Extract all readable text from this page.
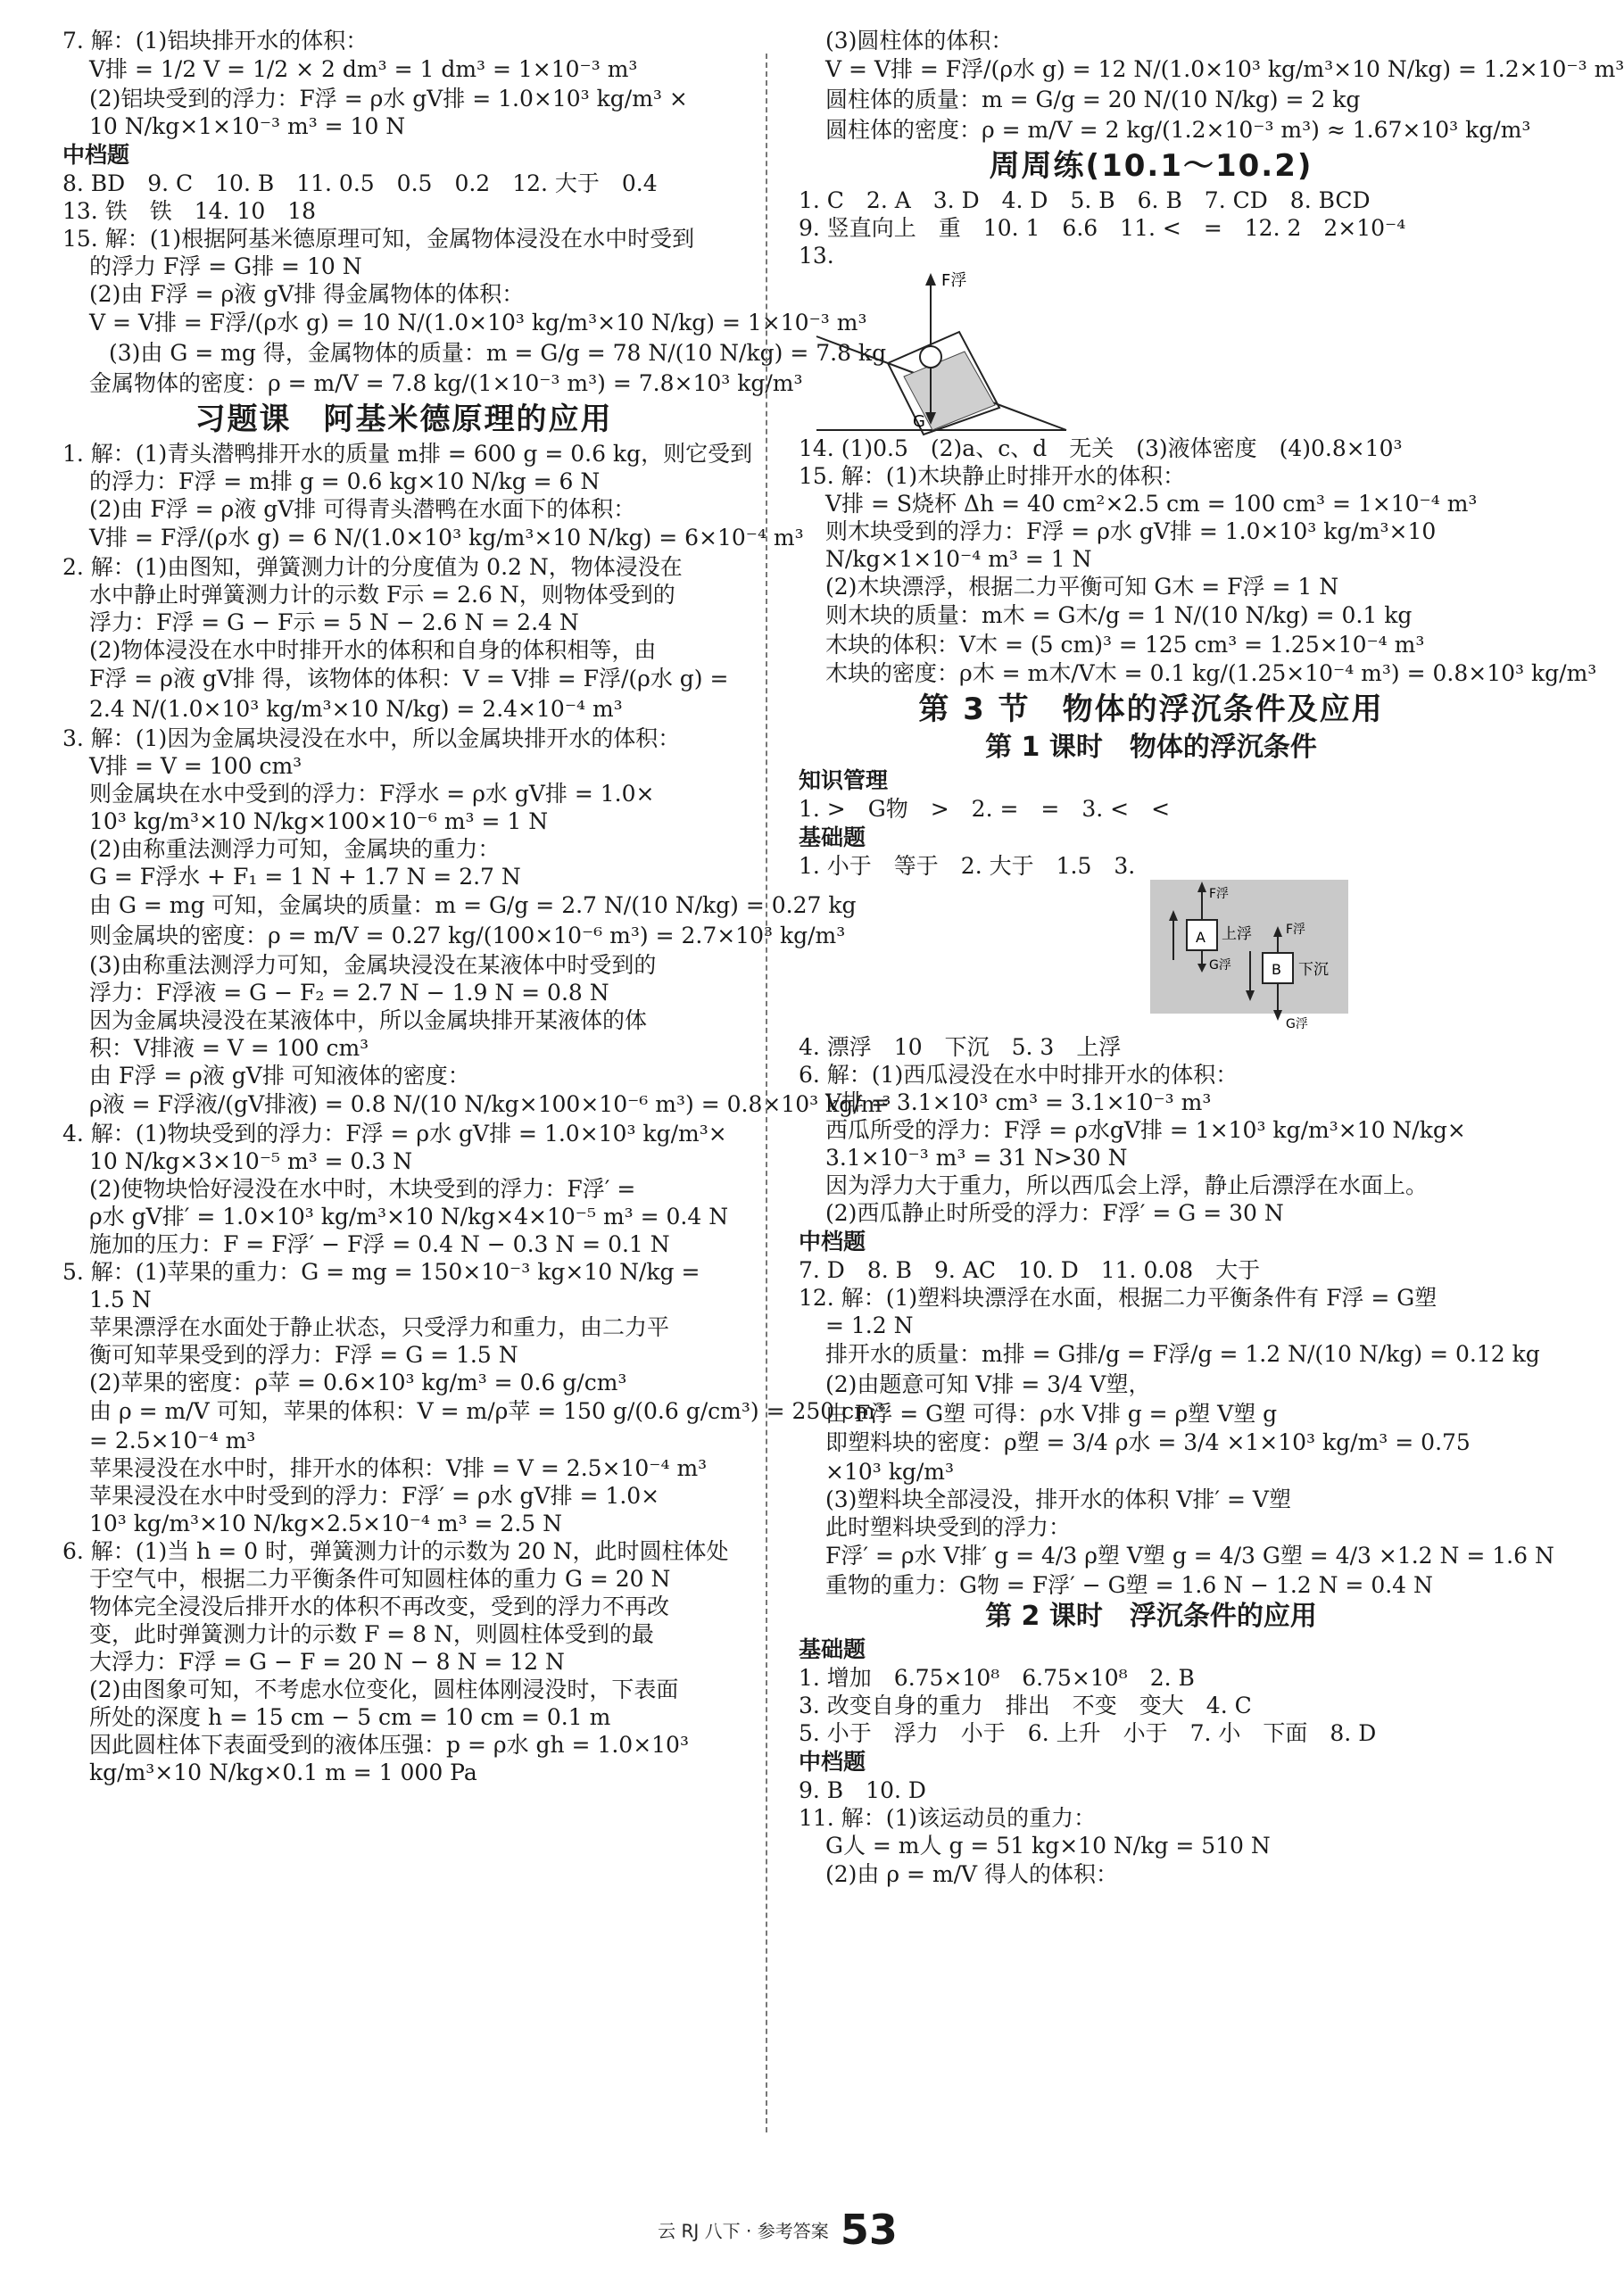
7. 解：(1)铝块排开水的体积：
V排 = 1/2 V = 1/2 × 2 dm³ = 1 dm³ = 1×10⁻³ m³
(2)铝块受到的浮力：F浮 = ρ水 gV排 = 1.0×10³ kg/m³ ×
10 N/kg×1×10⁻³ m³ = 10 N
中档题
8. BD　9. C　10. B　11. 0.5　0.5　0.2　12. 大于　0.4
13. 铁　铁　14. 10　18
15. 解：(1)根据阿基米德原理可知，金属物体浸没在水中时受到
的浮力 F浮 = G排 = 10 N
(2)由 F浮 = ρ液 gV排 得金属物体的体积：
V = V排 = F浮/(ρ水 g) = 10 N/(1.0×10³ kg/m³×10 N/kg) = 1×10⁻³ m³
(3)由 G = mg 得，金属物体的质量：m = G/g = 78 N/(10 N/kg) = 7.8 kg
金属物体的密度：ρ = m/V = 7.8 kg/(1×10⁻³ m³) = 7.8×10³ kg/m³
习题课　阿基米德原理的应用
1. 解：(1)青头潜鸭排开水的质量 m排 = 600 g = 0.6 kg，则它受到
的浮力：F浮 = m排 g = 0.6 kg×10 N/kg = 6 N
(2)由 F浮 = ρ液 gV排 可得青头潜鸭在水面下的体积：
V排 = F浮/(ρ水 g) = 6 N/(1.0×10³ kg/m³×10 N/kg) = 6×10⁻⁴ m³
2. 解：(1)由图知，弹簧测力计的分度值为 0.2 N，物体浸没在
水中静止时弹簧测力计的示数 F示 = 2.6 N，则物体受到的
浮力：F浮 = G − F示 = 5 N − 2.6 N = 2.4 N
(2)物体浸没在水中时排开水的体积和自身的体积相等，由
F浮 = ρ液 gV排 得，该物体的体积：V = V排 = F浮/(ρ水 g) =
2.4 N/(1.0×10³ kg/m³×10 N/kg) = 2.4×10⁻⁴ m³
3. 解：(1)因为金属块浸没在水中，所以金属块排开水的体积：
V排 = V = 100 cm³
则金属块在水中受到的浮力：F浮水 = ρ水 gV排 = 1.0×
10³ kg/m³×10 N/kg×100×10⁻⁶ m³ = 1 N
(2)由称重法测浮力可知，金属块的重力：
G = F浮水 + F₁ = 1 N + 1.7 N = 2.7 N
由 G = mg 可知，金属块的质量：m = G/g = 2.7 N/(10 N/kg) = 0.27 kg
则金属块的密度：ρ = m/V = 0.27 kg/(100×10⁻⁶ m³) = 2.7×10³ kg/m³
(3)由称重法测浮力可知，金属块浸没在某液体中时受到的
浮力：F浮液 = G − F₂ = 2.7 N − 1.9 N = 0.8 N
因为金属块浸没在某液体中，所以金属块排开某液体的体
积：V排液 = V = 100 cm³
由 F浮 = ρ液 gV排 可知液体的密度：
ρ液 = F浮液/(gV排液) = 0.8 N/(10 N/kg×100×10⁻⁶ m³) = 0.8×10³ kg/m³
4. 解：(1)物块受到的浮力：F浮 = ρ水 gV排 = 1.0×10³ kg/m³×
10 N/kg×3×10⁻⁵ m³ = 0.3 N
(2)使物块恰好浸没在水中时，木块受到的浮力：F浮′ =
ρ水 gV排′ = 1.0×10³ kg/m³×10 N/kg×4×10⁻⁵ m³ = 0.4 N
施加的压力：F = F浮′ − F浮 = 0.4 N − 0.3 N = 0.1 N
5. 解：(1)苹果的重力：G = mg = 150×10⁻³ kg×10 N/kg =
1.5 N
苹果漂浮在水面处于静止状态，只受浮力和重力，由二力平
衡可知苹果受到的浮力：F浮 = G = 1.5 N
(2)苹果的密度：ρ苹 = 0.6×10³ kg/m³ = 0.6 g/cm³
由 ρ = m/V 可知，苹果的体积：V = m/ρ苹 = 150 g/(0.6 g/cm³) = 250 cm³
= 2.5×10⁻⁴ m³
苹果浸没在水中时，排开水的体积：V排 = V = 2.5×10⁻⁴ m³
苹果浸没在水中时受到的浮力：F浮′ = ρ水 gV排 = 1.0×
10³ kg/m³×10 N/kg×2.5×10⁻⁴ m³ = 2.5 N
6. 解：(1)当 h = 0 时，弹簧测力计的示数为 20 N，此时圆柱体处
于空气中，根据二力平衡条件可知圆柱体的重力 G = 20 N
物体完全浸没后排开水的体积不再改变，受到的浮力不再改
变，此时弹簧测力计的示数 F = 8 N，则圆柱体受到的最
大浮力：F浮 = G − F = 20 N − 8 N = 12 N
(2)由图象可知，不考虑水位变化，圆柱体刚浸没时，下表面
所处的深度 h = 15 cm − 5 cm = 10 cm = 0.1 m
因此圆柱体下表面受到的液体压强：p = ρ水 gh = 1.0×10³
kg/m³×10 N/kg×0.1 m = 1 000 Pa
(3)圆柱体的体积：
V = V排 = F浮/(ρ水 g) = 12 N/(1.0×10³ kg/m³×10 N/kg) = 1.2×10⁻³ m³
圆柱体的质量：m = G/g = 20 N/(10 N/kg) = 2 kg
圆柱体的密度：ρ = m/V = 2 kg/(1.2×10⁻³ m³) ≈ 1.67×10³ kg/m³
周周练(10.1～10.2)
1. C　2. A　3. D　4. D　5. B　6. B　7. CD　8. BCD
9. 竖直向上　重　10. 1　6.6　11. <　=　12. 2　2×10⁻⁴
13.
F浮
G
14. (1)0.5　(2)a、c、d　无关　(3)液体密度　(4)0.8×10³
15. 解：(1)木块静止时排开水的体积：
V排 = S烧杯 Δh = 40 cm²×2.5 cm = 100 cm³ = 1×10⁻⁴ m³
则木块受到的浮力：F浮 = ρ水 gV排 = 1.0×10³ kg/m³×10
N/kg×1×10⁻⁴ m³ = 1 N
(2)木块漂浮，根据二力平衡可知 G木 = F浮 = 1 N
则木块的质量：m木 = G木/g = 1 N/(10 N/kg) = 0.1 kg
木块的体积：V木 = (5 cm)³ = 125 cm³ = 1.25×10⁻⁴ m³
木块的密度：ρ木 = m木/V木 = 0.1 kg/(1.25×10⁻⁴ m³) = 0.8×10³ kg/m³
第 3 节　物体的浮沉条件及应用
第 1 课时　物体的浮沉条件
知识管理
1. >　G物　>　2. =　=　3. <　<
基础题
1. 小于　等于　2. 大于　1.5　3.
A
F浮
G浮
上浮
B
F浮
G浮
下沉
4. 漂浮　10　下沉　5. 3　上浮
6. 解：(1)西瓜浸没在水中时排开水的体积：
V排 = 3.1×10³ cm³ = 3.1×10⁻³ m³
西瓜所受的浮力：F浮 = ρ水gV排 = 1×10³ kg/m³×10 N/kg×
3.1×10⁻³ m³ = 31 N>30 N
因为浮力大于重力，所以西瓜会上浮，静止后漂浮在水面上。
(2)西瓜静止时所受的浮力：F浮′ = G = 30 N
中档题
7. D　8. B　9. AC　10. D　11. 0.08　大于
12. 解：(1)塑料块漂浮在水面，根据二力平衡条件有 F浮 = G塑
= 1.2 N
排开水的质量：m排 = G排/g = F浮/g = 1.2 N/(10 N/kg) = 0.12 kg
(2)由题意可知 V排 = 3/4 V塑，
由 F浮 = G塑 可得：ρ水 V排 g = ρ塑 V塑 g
即塑料块的密度：ρ塑 = 3/4 ρ水 = 3/4 ×1×10³ kg/m³ = 0.75
×10³ kg/m³
(3)塑料块全部浸没，排开水的体积 V排′ = V塑
此时塑料块受到的浮力：
F浮′ = ρ水 V排′ g = 4/3 ρ塑 V塑 g = 4/3 G塑 = 4/3 ×1.2 N = 1.6 N
重物的重力：G物 = F浮′ − G塑 = 1.6 N − 1.2 N = 0.4 N
第 2 课时　浮沉条件的应用
基础题
1. 增加　6.75×10⁸　6.75×10⁸　2. B
3. 改变自身的重力　排出　不变　变大　4. C
5. 小于　浮力　小于　6. 上升　小于　7. 小　下面　8. D
中档题
9. B　10. D
11. 解：(1)该运动员的重力：
G人 = m人 g = 51 kg×10 N/kg = 510 N
(2)由 ρ = m/V 得人的体积：
云 RJ 八下 · 参考答案 53
